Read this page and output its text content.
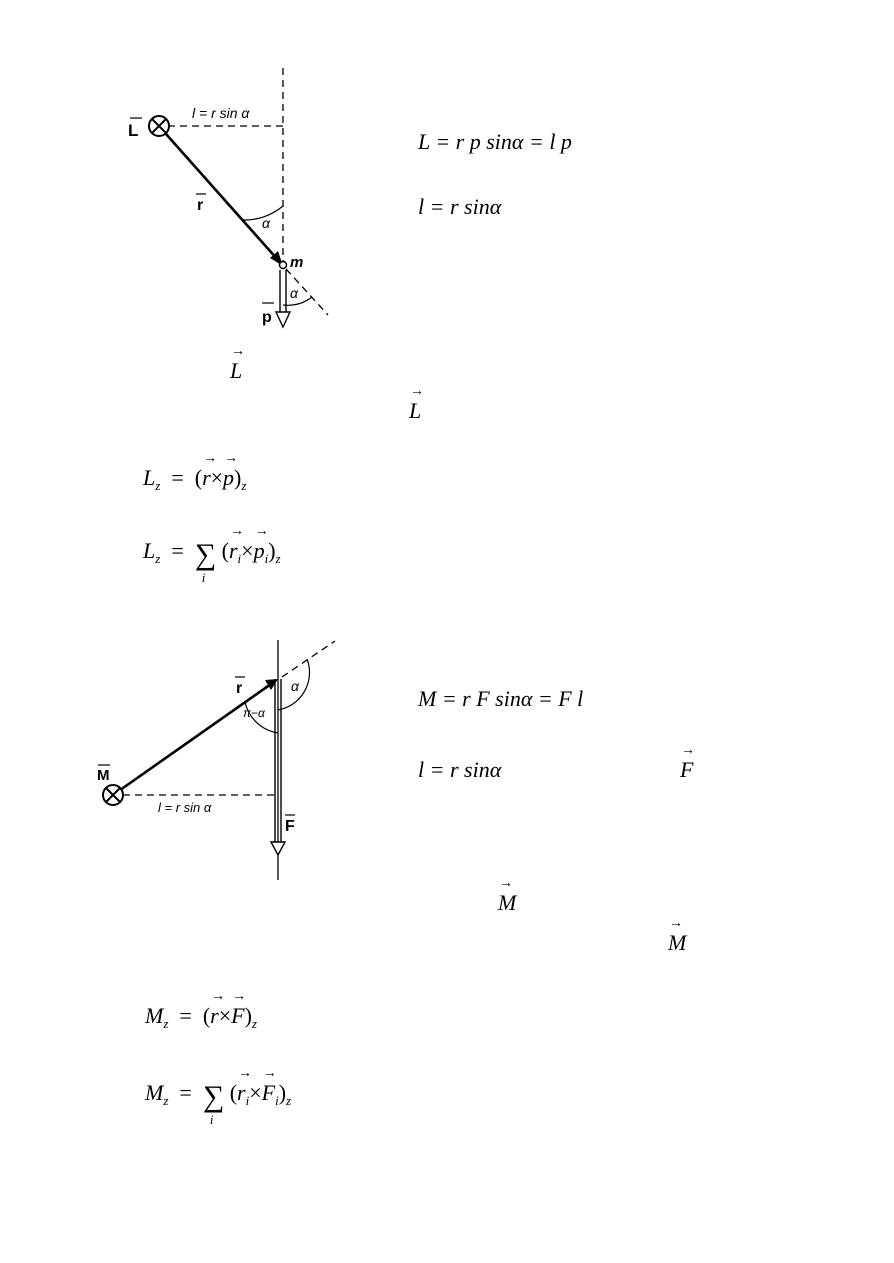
L
l = r sin α
r
α
m
α
p
L = r p sinα = l p
l = r sinα
→ L
→ L
$L_z$ = (→ $r\times\to p)_z$
$L_z$ = ∑
i
(→ $r_i\times\to p_i)_z$
r	α
π−α
M
l = r sin α
F
M = r F sinα = F l
l = r sinα
→	F
→ M
→ M
$M_z$ = (→ $r\times\to F)_z$
$M_z$ = ∑
i
(→ $r_i\times\to F_i)_z$
